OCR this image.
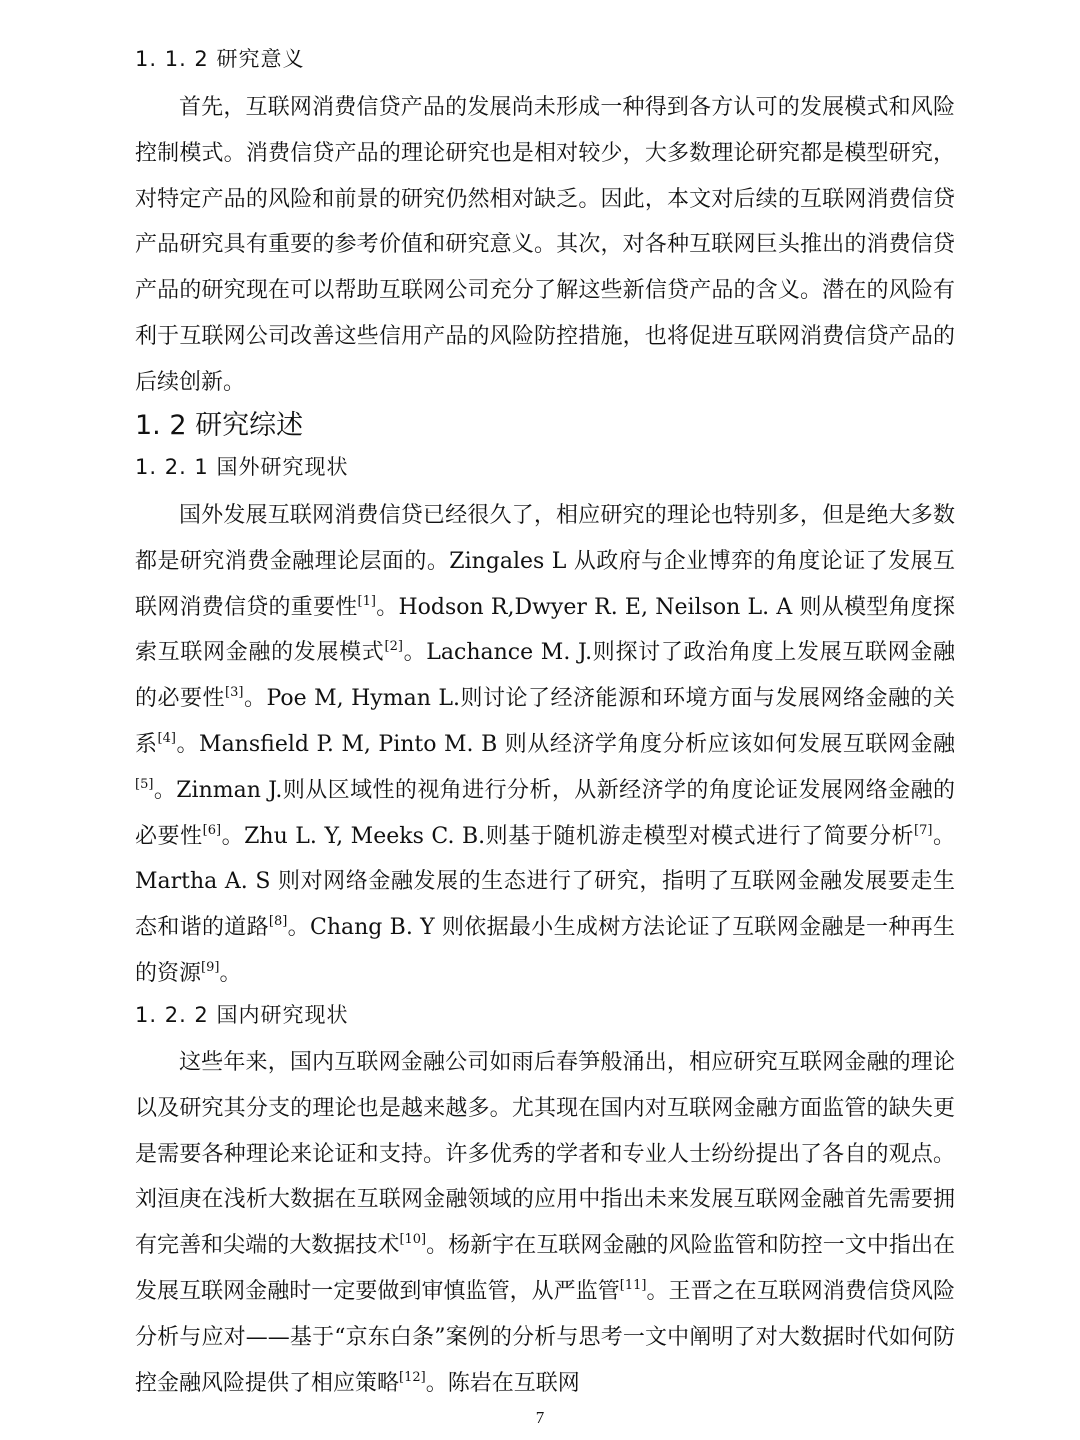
1. 1. 2 研究意义

首先，互联网消费信贷产品的发展尚未形成一种得到各方认可的发展模式和风险控制模式。消费信贷产品的理论研究也是相对较少，大多数理论研究都是模型研究，对特定产品的风险和前景的研究仍然相对缺乏。因此，本文对后续的互联网消费信贷产品研究具有重要的参考价值和研究意义。其次，对各种互联网巨头推出的消费信贷产品的研究现在可以帮助互联网公司充分了解这些新信贷产品的含义。潜在的风险有利于互联网公司改善这些信用产品的风险防控措施，也将促进互联网消费信贷产品的后续创新。

1. 2 研究综述

1. 2. 1 国外研究现状

国外发展互联网消费信贷已经很久了，相应研究的理论也特别多，但是绝大多数都是研究消费金融理论层面的。Zingales L 从政府与企业博弈的角度论证了发展互联网消费信贷的重要性[1]。Hodson R,Dwyer R. E, Neilson L. A 则从模型角度探索互联网金融的发展模式[2]。Lachance M. J.则探讨了政治角度上发展互联网金融的必要性[3]。Poe M, Hyman L.则讨论了经济能源和环境方面与发展网络金融的关系[4]。Mansfield P. M, Pinto M. B 则从经济学角度分析应该如何发展互联网金融[5]。Zinman J.则从区域性的视角进行分析，从新经济学的角度论证发展网络金融的必要性[6]。Zhu L. Y, Meeks C. B.则基于随机游走模型对模式进行了简要分析[7]。Martha A. S 则对网络金融发展的生态进行了研究，指明了互联网金融发展要走生态和谐的道路[8]。Chang B. Y 则依据最小生成树方法论证了互联网金融是一种再生的资源[9]。

1. 2. 2 国内研究现状

这些年来，国内互联网金融公司如雨后春笋般涌出，相应研究互联网金融的理论以及研究其分支的理论也是越来越多。尤其现在国内对互联网金融方面监管的缺失更是需要各种理论来论证和支持。许多优秀的学者和专业人士纷纷提出了各自的观点。刘洹庚在浅析大数据在互联网金融领域的应用中指出未来发展互联网金融首先需要拥有完善和尖端的大数据技术[10]。杨新宇在互联网金融的风险监管和防控一文中指出在发展互联网金融时一定要做到审慎监管，从严监管[11]。王晋之在互联网消费信贷风险分析与应对——基于“京东白条”案例的分析与思考一文中阐明了对大数据时代如何防控金融风险提供了相应策略[12]。陈岩在互联网

7
